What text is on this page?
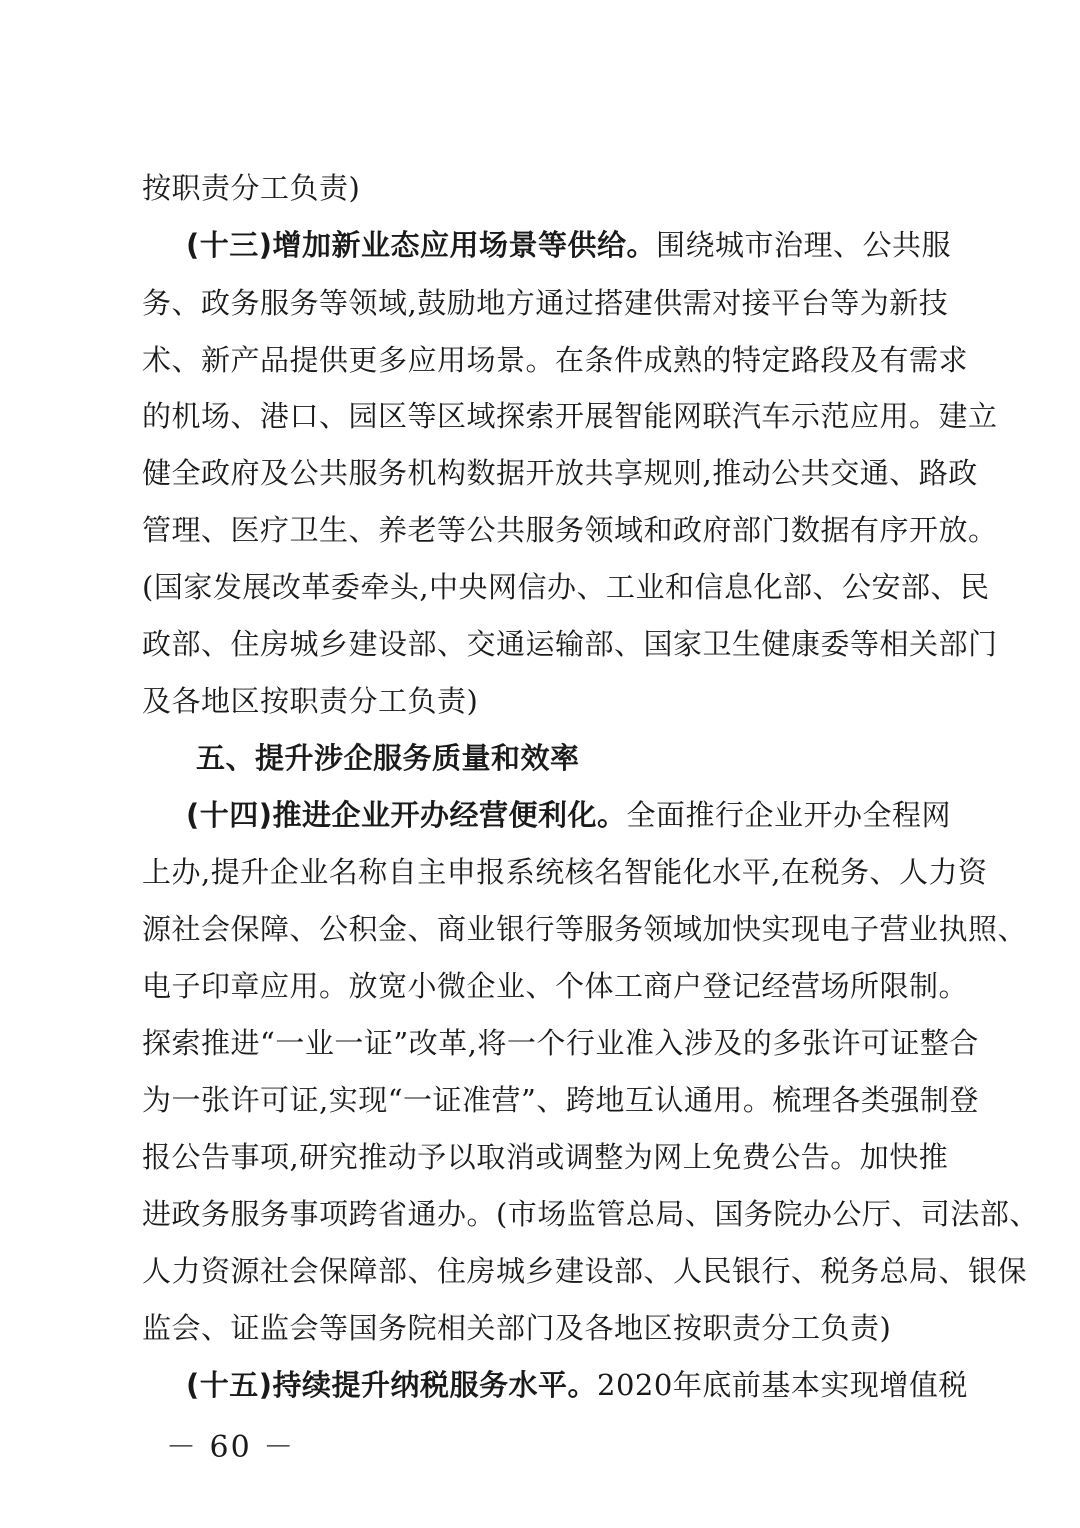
按职责分工负责)
(十三)增加新业态应用场景等供给。围绕城市治理、公共服
务、政务服务等领域,鼓励地方通过搭建供需对接平台等为新技
术、新产品提供更多应用场景。在条件成熟的特定路段及有需求
的机场、港口、园区等区域探索开展智能网联汽车示范应用。建立
健全政府及公共服务机构数据开放共享规则,推动公共交通、路政
管理、医疗卫生、养老等公共服务领域和政府部门数据有序开放。
(国家发展改革委牵头,中央网信办、工业和信息化部、公安部、民
政部、住房城乡建设部、交通运输部、国家卫生健康委等相关部门
及各地区按职责分工负责)
五、提升涉企服务质量和效率
(十四)推进企业开办经营便利化。全面推行企业开办全程网
上办,提升企业名称自主申报系统核名智能化水平,在税务、人力资
源社会保障、公积金、商业银行等服务领域加快实现电子营业执照、
电子印章应用。放宽小微企业、个体工商户登记经营场所限制。
探索推进“一业一证”改革,将一个行业准入涉及的多张许可证整合
为一张许可证,实现“一证准营”、跨地互认通用。梳理各类强制登
报公告事项,研究推动予以取消或调整为网上免费公告。加快推
进政务服务事项跨省通办。(市场监管总局、国务院办公厅、司法部、
人力资源社会保障部、住房城乡建设部、人民银行、税务总局、银保
监会、证监会等国务院相关部门及各地区按职责分工负责)
(十五)持续提升纳税服务水平。2020年底前基本实现增值税
－ 60 －
